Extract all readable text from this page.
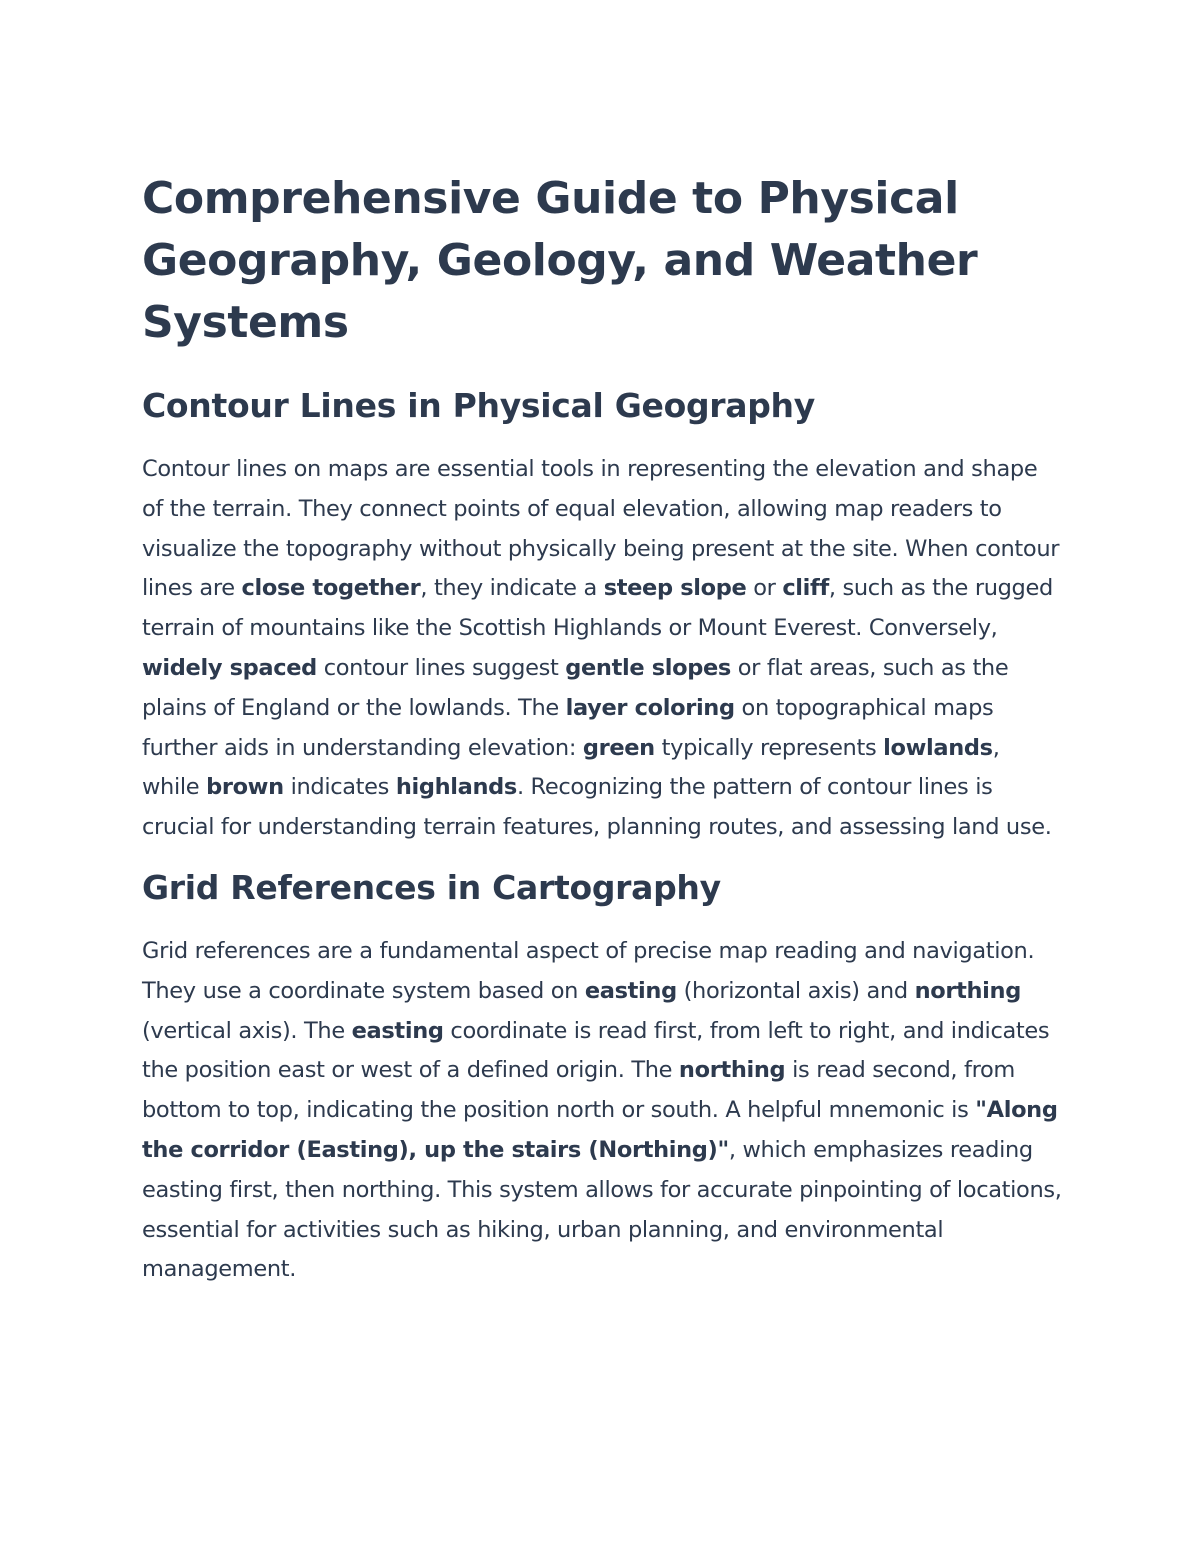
Comprehensive Guide to Physical Geography, Geology, and Weather Systems
Contour Lines in Physical Geography

Contour lines on maps are essential tools in representing the elevation and shape of the terrain. They connect points of equal elevation, allowing map readers to visualize the topography without physically being present at the site. When contour lines are close together, they indicate a steep slope or cliff, such as the rugged terrain of mountains like the Scottish Highlands or Mount Everest. Conversely, widely spaced contour lines suggest gentle slopes or flat areas, such as the plains of England or the lowlands. The layer coloring on topographical maps further aids in understanding elevation: green typically represents lowlands, while brown indicates highlands. Recognizing the pattern of contour lines is crucial for understanding terrain features, planning routes, and assessing land use.

Grid References in Cartography

Grid references are a fundamental aspect of precise map reading and navigation. They use a coordinate system based on easting (horizontal axis) and northing (vertical axis). The easting coordinate is read first, from left to right, and indicates the position east or west of a defined origin. The northing is read second, from bottom to top, indicating the position north or south. A helpful mnemonic is "Along the corridor (Easting), up the stairs (Northing)", which emphasizes reading easting first, then northing. This system allows for accurate pinpointing of locations, essential for activities such as hiking, urban planning, and environmental management.
